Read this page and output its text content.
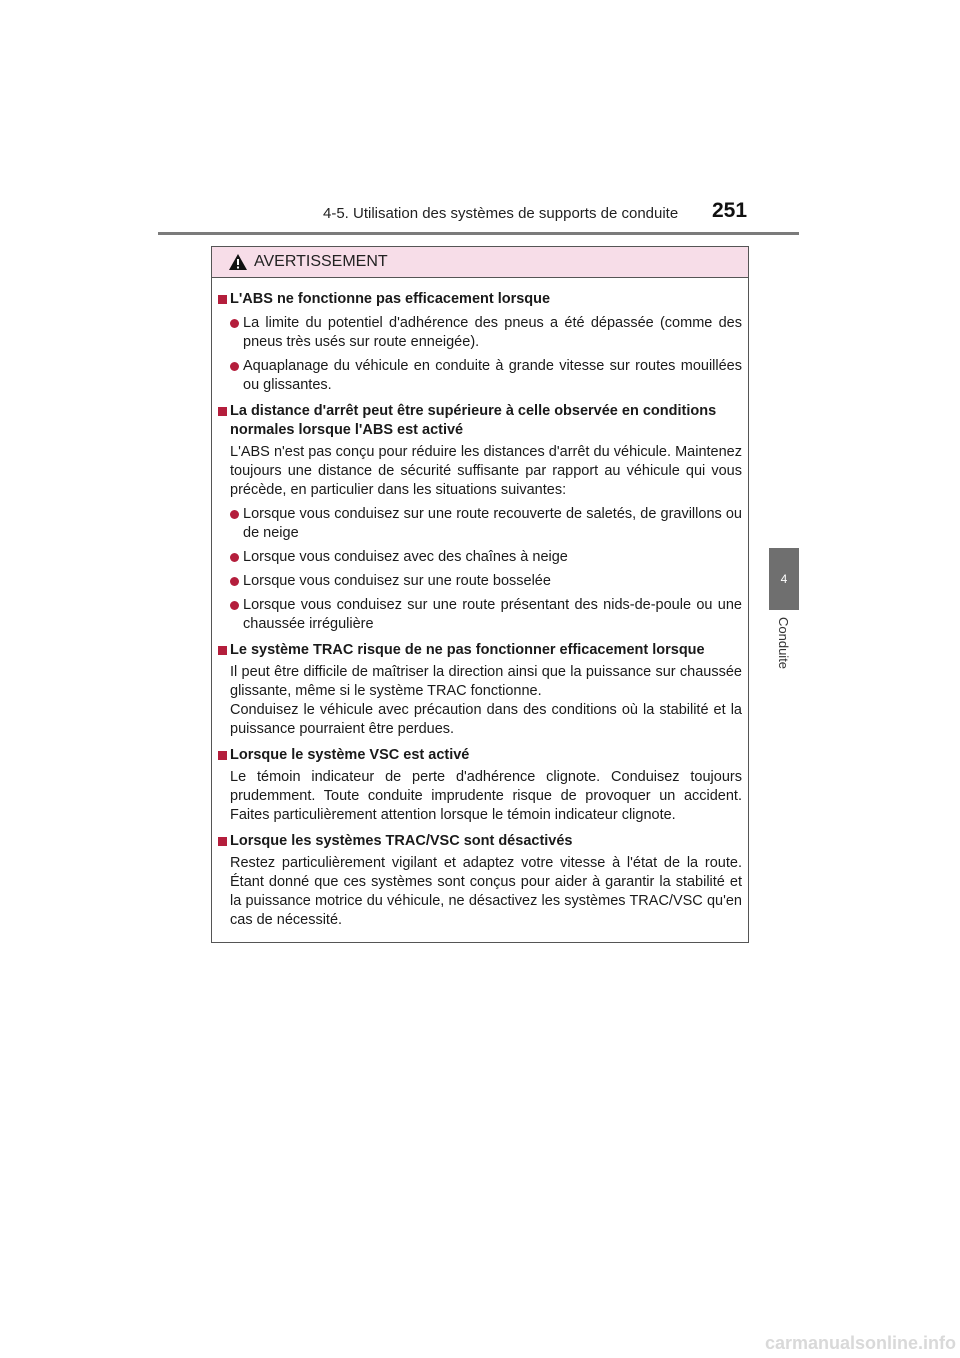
4-5. Utilisation des systèmes de supports de conduite 251
4
Conduite
AVERTISSEMENT
L'ABS ne fonctionne pas efficacement lorsque
La limite du potentiel d'adhérence des pneus a été dépassée (comme des pneus très usés sur route enneigée).
Aquaplanage du véhicule en conduite à grande vitesse sur routes mouillées ou glissantes.
La distance d'arrêt peut être supérieure à celle observée en conditions normales lorsque l'ABS est activé
L'ABS n'est pas conçu pour réduire les distances d'arrêt du véhicule. Maintenez toujours une distance de sécurité suffisante par rapport au véhicule qui vous précède, en particulier dans les situations suivantes:
Lorsque vous conduisez sur une route recouverte de saletés, de gravillons ou de neige
Lorsque vous conduisez avec des chaînes à neige
Lorsque vous conduisez sur une route bosselée
Lorsque vous conduisez sur une route présentant des nids-de-poule ou une chaussée irrégulière
Le système TRAC risque de ne pas fonctionner efficacement lorsque
Il peut être difficile de maîtriser la direction ainsi que la puissance sur chaussée glissante, même si le système TRAC fonctionne.
Conduisez le véhicule avec précaution dans des conditions où la stabilité et la puissance pourraient être perdues.
Lorsque le système VSC est activé
Le témoin indicateur de perte d'adhérence clignote. Conduisez toujours prudemment. Toute conduite imprudente risque de provoquer un accident. Faites particulièrement attention lorsque le témoin indicateur clignote.
Lorsque les systèmes TRAC/VSC sont désactivés
Restez particulièrement vigilant et adaptez votre vitesse à l'état de la route. Étant donné que ces systèmes sont conçus pour aider à garantir la stabilité et la puissance motrice du véhicule, ne désactivez les systèmes TRAC/VSC qu'en cas de nécessité.
carmanualsonline.info
